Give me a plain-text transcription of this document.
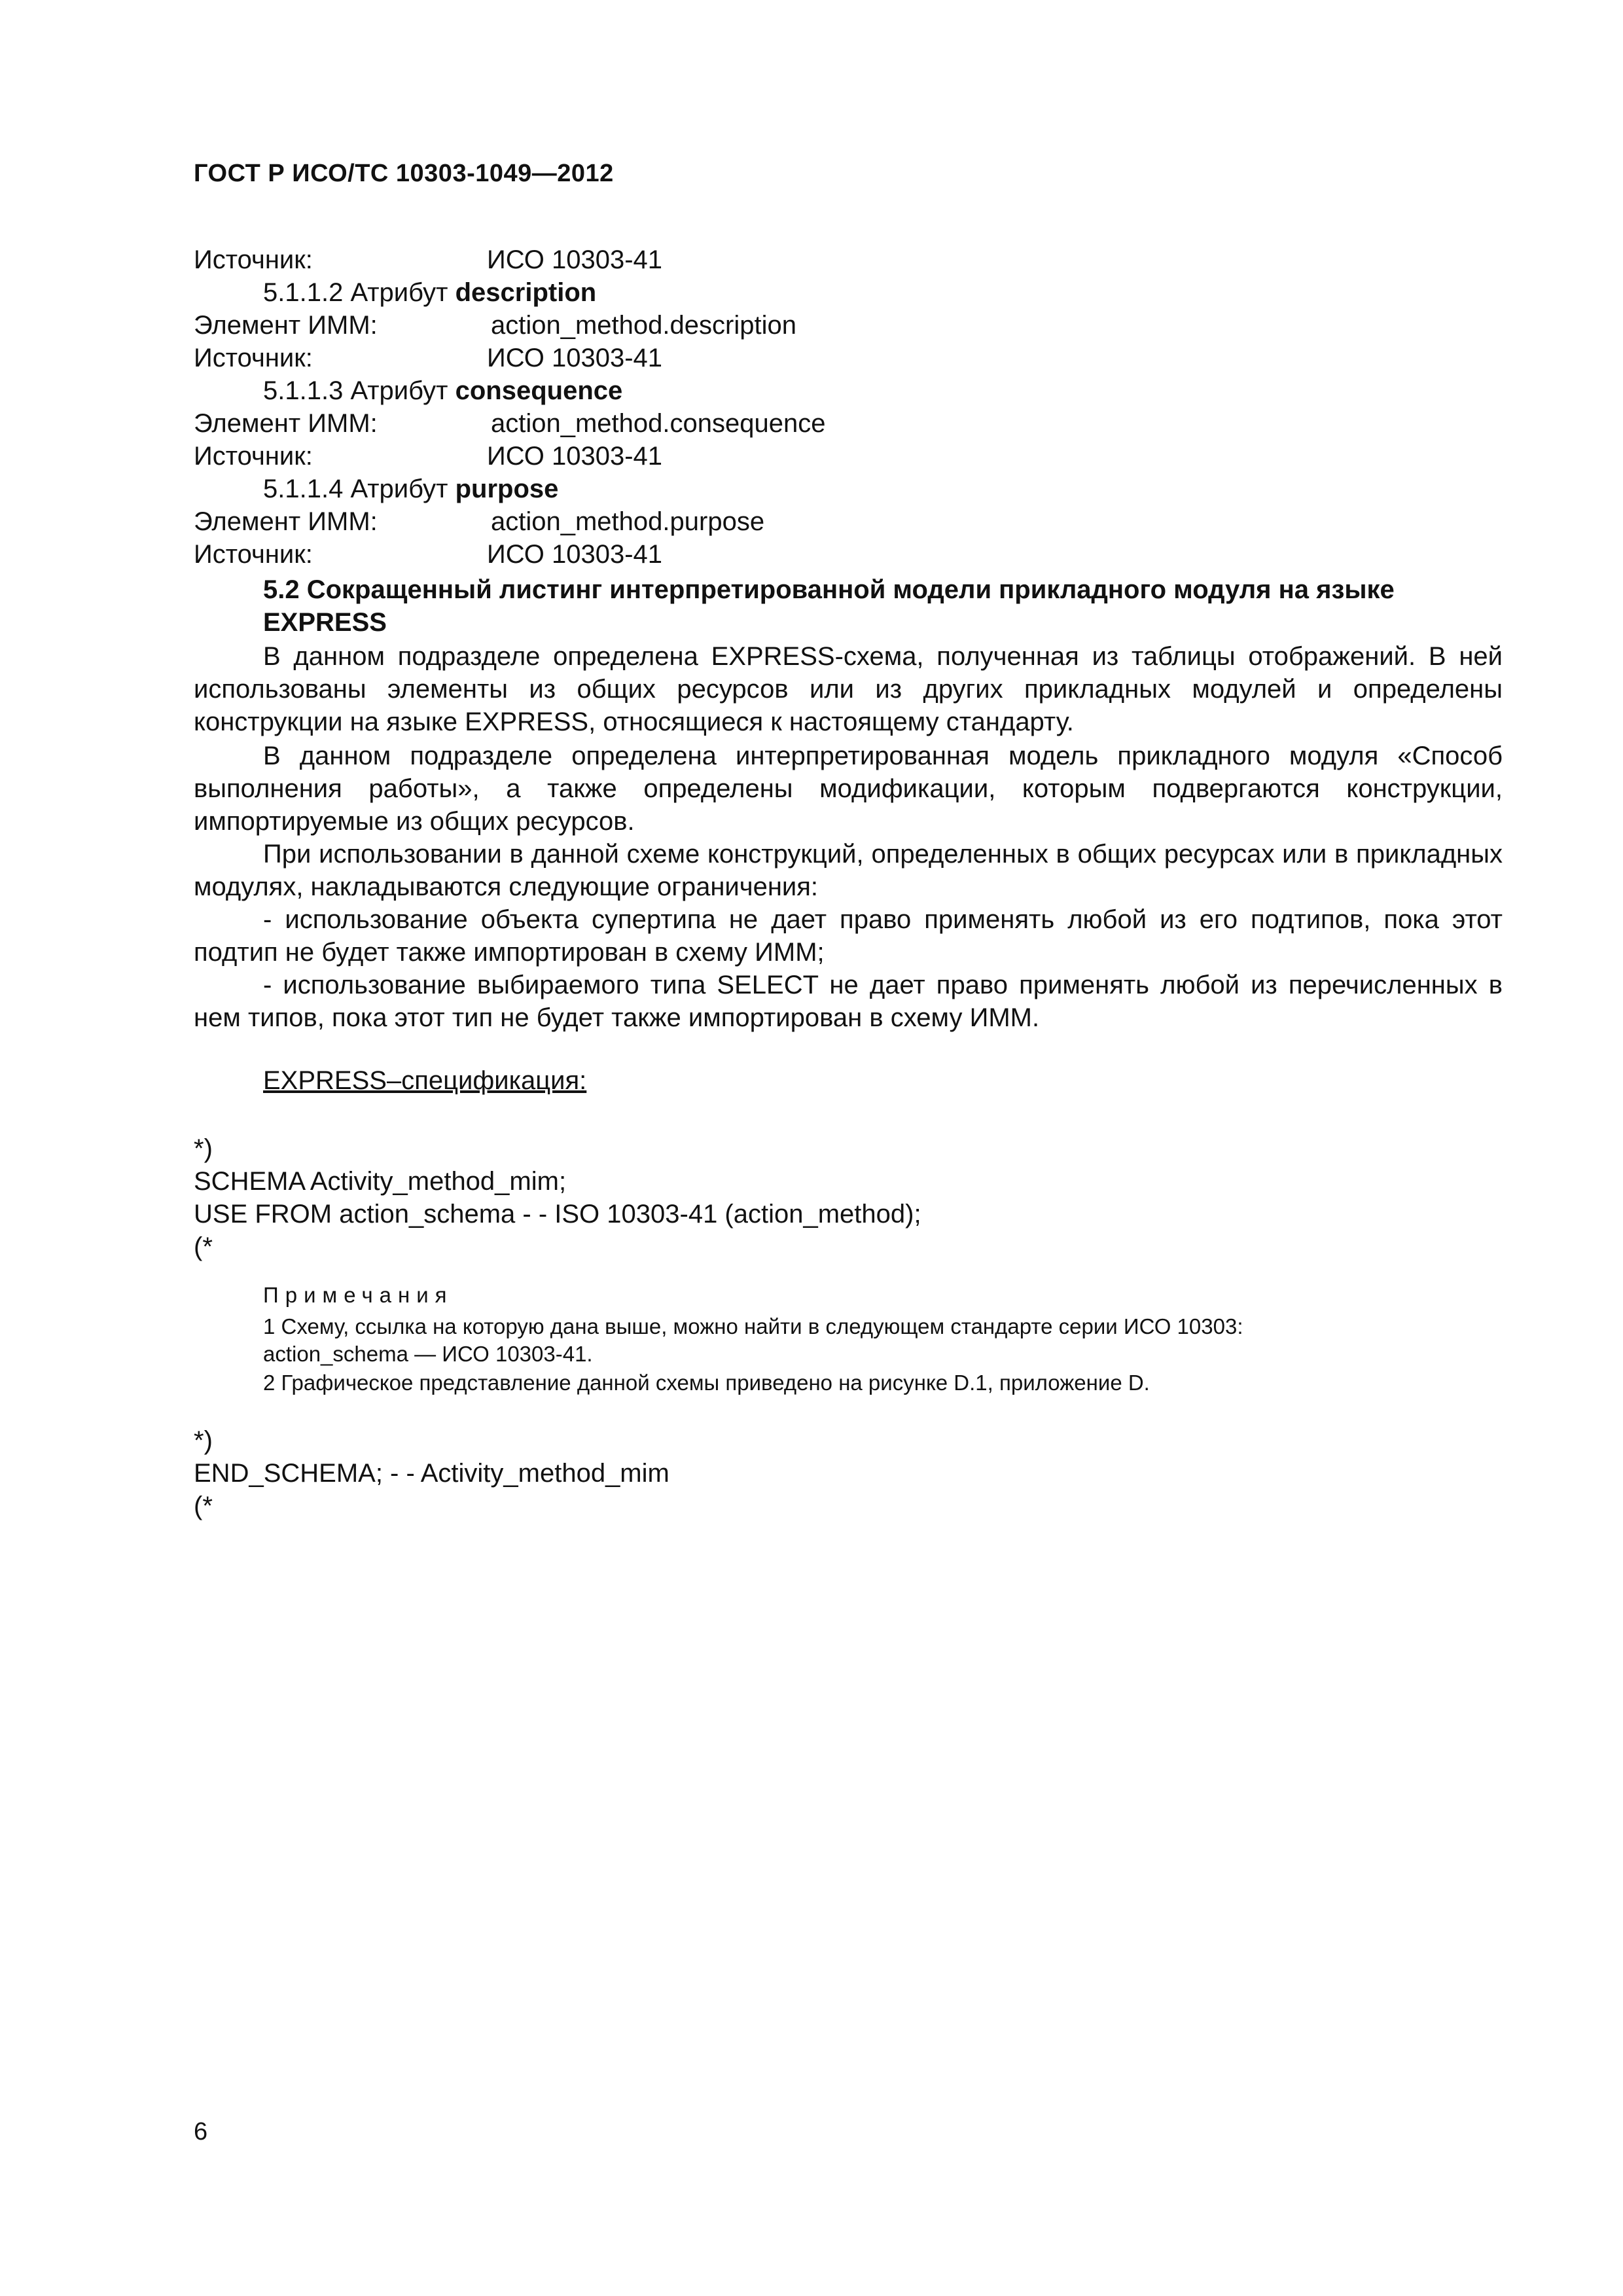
ГОСТ Р ИСО/ТС 10303-1049—2012
Источник:	ИСО 10303-41
5.1.1.2 Атрибут description
Элемент ИММ:	action_method.description
Источник:	ИСО 10303-41
5.1.1.3 Атрибут consequence
Элемент ИММ:	action_method.consequence
Источник:	ИСО 10303-41
5.1.1.4 Атрибут purpose
Элемент ИММ:	action_method.purpose
Источник:	ИСО 10303-41
5.2 Сокращенный листинг интерпретированной модели прикладного модуля на языке EXPRESS
В данном подразделе определена EXPRESS-схема, полученная из таблицы отображений. В ней использованы элементы из общих ресурсов или из других прикладных модулей и определены конструкции на языке EXPRESS, относящиеся к настоящему стандарту.
В данном подразделе определена интерпретированная модель прикладного модуля «Способ выполнения работы», а также определены модификации, которым подвергаются конструкции, импортируемые из общих ресурсов.
При использовании в данной схеме конструкций, определенных в общих ресурсах или в прикладных модулях, накладываются следующие ограничения:
- использование объекта супертипа не дает право применять любой из его подтипов, пока этот подтип не будет также импортирован в схему ИММ;
- использование выбираемого типа SELECT не дает право применять любой из перечисленных в нем типов, пока этот тип не будет также импортирован в схему ИММ.
EXPRESS–спецификация:
*)
SCHEMA Activity_method_mim;
USE FROM action_schema - - ISO 10303-41 (action_method);
(*
Примечания
1 Схему, ссылка на которую дана выше, можно найти в следующем стандарте серии ИСО 10303:
action_schema — ИСО 10303-41.
2 Графическое представление данной схемы приведено на рисунке D.1, приложение D.
*)
END_SCHEMA; - - Activity_method_mim
(*
6
